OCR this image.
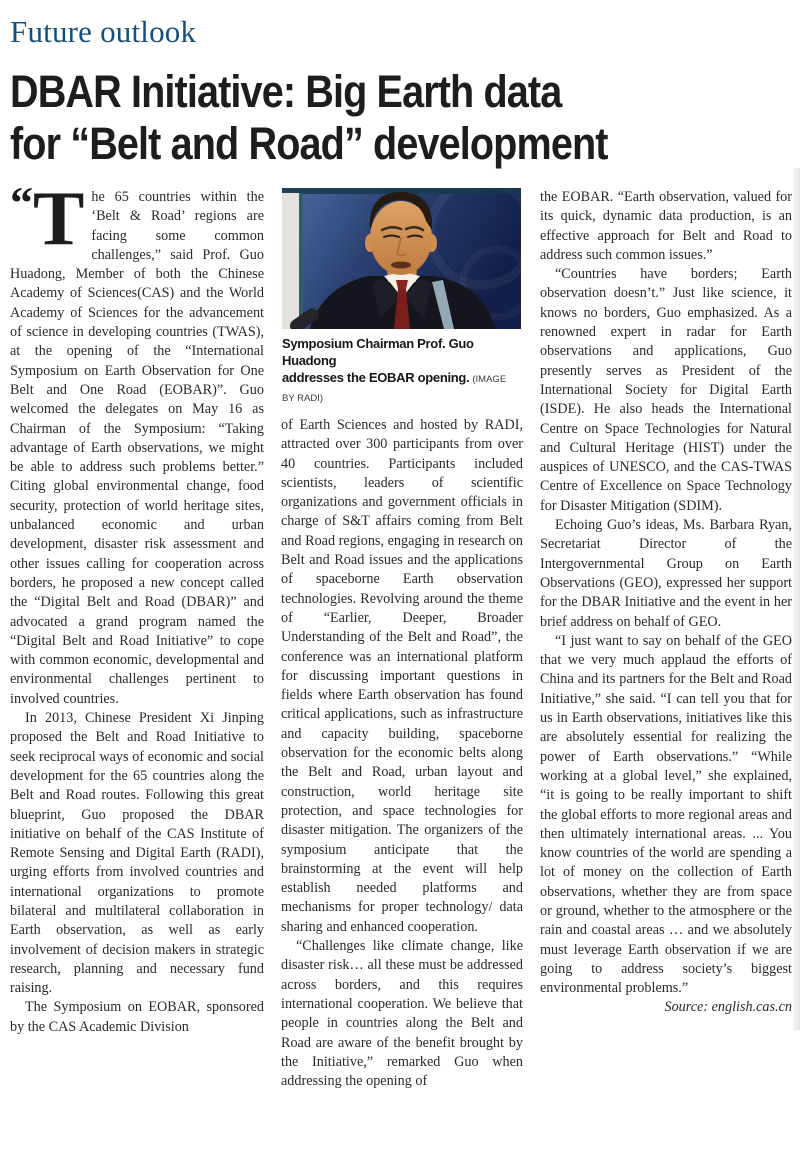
Future outlook
DBAR Initiative: Big Earth data
for “Belt and Road” development

“ T he 65 countries within the ‘Belt & Road’ regions are facing some common challenges,” said Prof. Guo Huadong, Member of both the Chinese Academy of Sciences(CAS) and the World Academy of Sciences for the advancement of science in developing countries (TWAS), at the opening of the “International Symposium on Earth Observation for One Belt and One Road (EOBAR)”. Guo welcomed the delegates on May 16 as Chairman of the Symposium: “Taking advantage of Earth observations, we might be able to address such problems better.” Citing global environmental change, food security, protection of world heritage sites, unbalanced economic and urban development, disaster risk assessment and other issues calling for cooperation across borders, he proposed a new concept called the “Digital Belt and Road (DBAR)” and advocated a grand program named the “Digital Belt and Road Initiative” to cope with common economic, developmental and environmental challenges pertinent to involved countries.

In 2013, Chinese President Xi Jinping proposed the Belt and Road Initiative to seek reciprocal ways of economic and social development for the 65 countries along the Belt and Road routes. Following this great blueprint, Guo proposed the DBAR initiative on behalf of the CAS Institute of Remote Sensing and Digital Earth (RADI), urging efforts from involved countries and international organizations to promote bilateral and multilateral collaboration in Earth observation, as well as early involvement of decision makers in strategic research, planning and necessary fund raising.

The Symposium on EOBAR, sponsored by the CAS Academic Division

Symposium Chairman Prof. Guo Huadong
addresses the EOBAR opening. (IMAGE BY RADI)

of Earth Sciences and hosted by RADI, attracted over 300 participants from over 40 countries. Participants included scientists, leaders of scientific organizations and government officials in charge of S&T affairs coming from Belt and Road regions, engaging in research on Belt and Road issues and the applications of spaceborne Earth observation technologies. Revolving around the theme of “Earlier, Deeper, Broader Understanding of the Belt and Road”, the conference was an international platform for discussing important questions in fields where Earth observation has found critical applications, such as infrastructure and capacity building, spaceborne observation for the economic belts along the Belt and Road, urban layout and construction, world heritage site protection, and space technologies for disaster mitigation. The organizers of the symposium anticipate that the brainstorming at the event will help establish needed platforms and mechanisms for proper technology/ data sharing and enhanced cooperation.

“Challenges like climate change, like disaster risk… all these must be addressed across borders, and this requires international cooperation. We believe that people in countries along the Belt and Road are aware of the benefit brought by the Initiative,” remarked Guo when addressing the opening of

the EOBAR. “Earth observation, valued for its quick, dynamic data production, is an effective approach for Belt and Road to address such common issues.”

“Countries have borders; Earth observation doesn’t.” Just like science, it knows no borders, Guo emphasized. As a renowned expert in radar for Earth observations and applications, Guo presently serves as President of the International Society for Digital Earth (ISDE). He also heads the International Centre on Space Technologies for Natural and Cultural Heritage (HIST) under the auspices of UNESCO, and the CAS-TWAS Centre of Excellence on Space Technology for Disaster Mitigation (SDIM).

Echoing Guo’s ideas, Ms. Barbara Ryan, Secretariat Director of the Intergovernmental Group on Earth Observations (GEO), expressed her support for the DBAR Initiative and the event in her brief address on behalf of GEO.

“I just want to say on behalf of the GEO that we very much applaud the efforts of China and its partners for the Belt and Road Initiative,” she said. “I can tell you that for us in Earth observations, initiatives like this are absolutely essential for realizing the power of Earth observations.” “While working at a global level,” she explained, “it is going to be really important to shift the global efforts to more regional areas and then ultimately international areas. ... You know countries of the world are spending a lot of money on the collection of Earth observations, whether they are from space or ground, whether to the atmosphere or the rain and coastal areas … and we absolutely must leverage Earth observation if we are going to address society’s biggest environmental problems.”

Source: english.cas.cn
